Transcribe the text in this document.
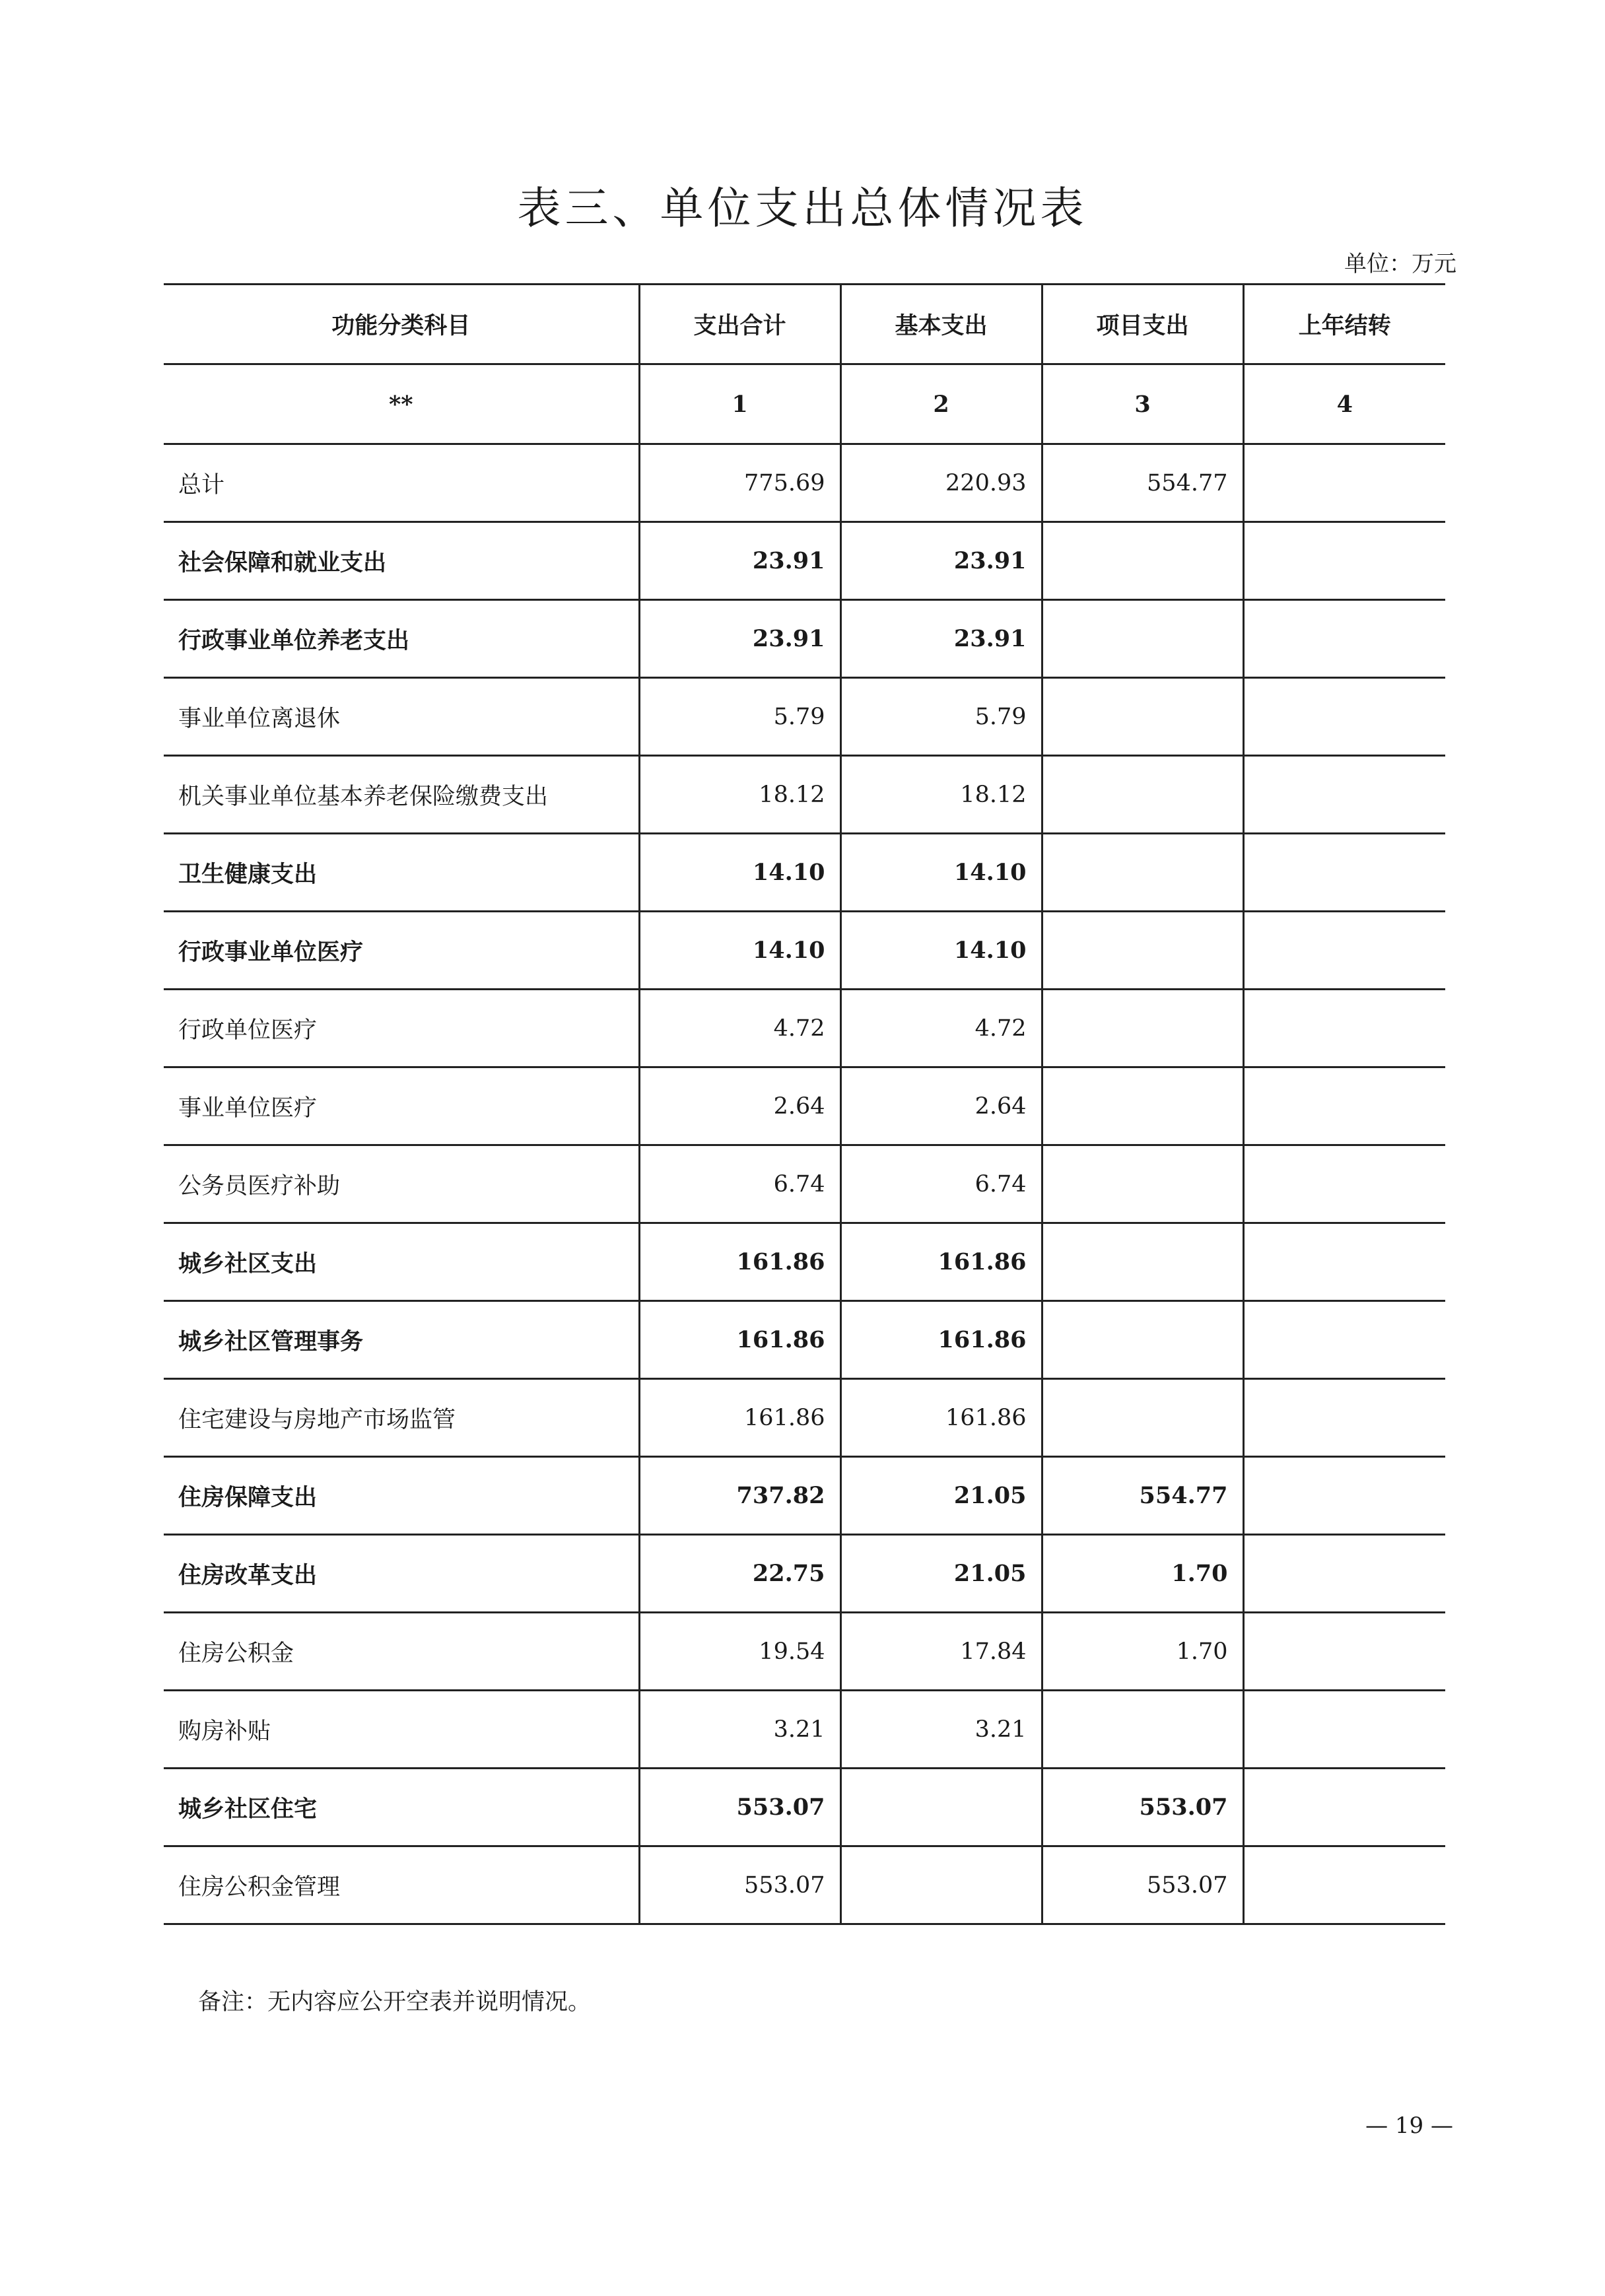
表三、单位支出总体情况表
单位：万元
功能分类科目	支出合计	基本支出	项目支出	上年结转
**	1	2	3	4
总计	775.69	220.93	554.77	
社会保障和就业支出	23.91	23.91		
行政事业单位养老支出	23.91	23.91		
事业单位离退休	5.79	5.79		
机关事业单位基本养老保险缴费支出	18.12	18.12		
卫生健康支出	14.10	14.10		
行政事业单位医疗	14.10	14.10		
行政单位医疗	4.72	4.72		
事业单位医疗	2.64	2.64		
公务员医疗补助	6.74	6.74		
城乡社区支出	161.86	161.86		
城乡社区管理事务	161.86	161.86		
住宅建设与房地产市场监管	161.86	161.86		
住房保障支出	737.82	21.05	554.77	
住房改革支出	22.75	21.05	1.70	
住房公积金	19.54	17.84	1.70	
购房补贴	3.21	3.21		
城乡社区住宅	553.07		553.07	
住房公积金管理	553.07		553.07	
备注：无内容应公开空表并说明情况。
— 19 —
